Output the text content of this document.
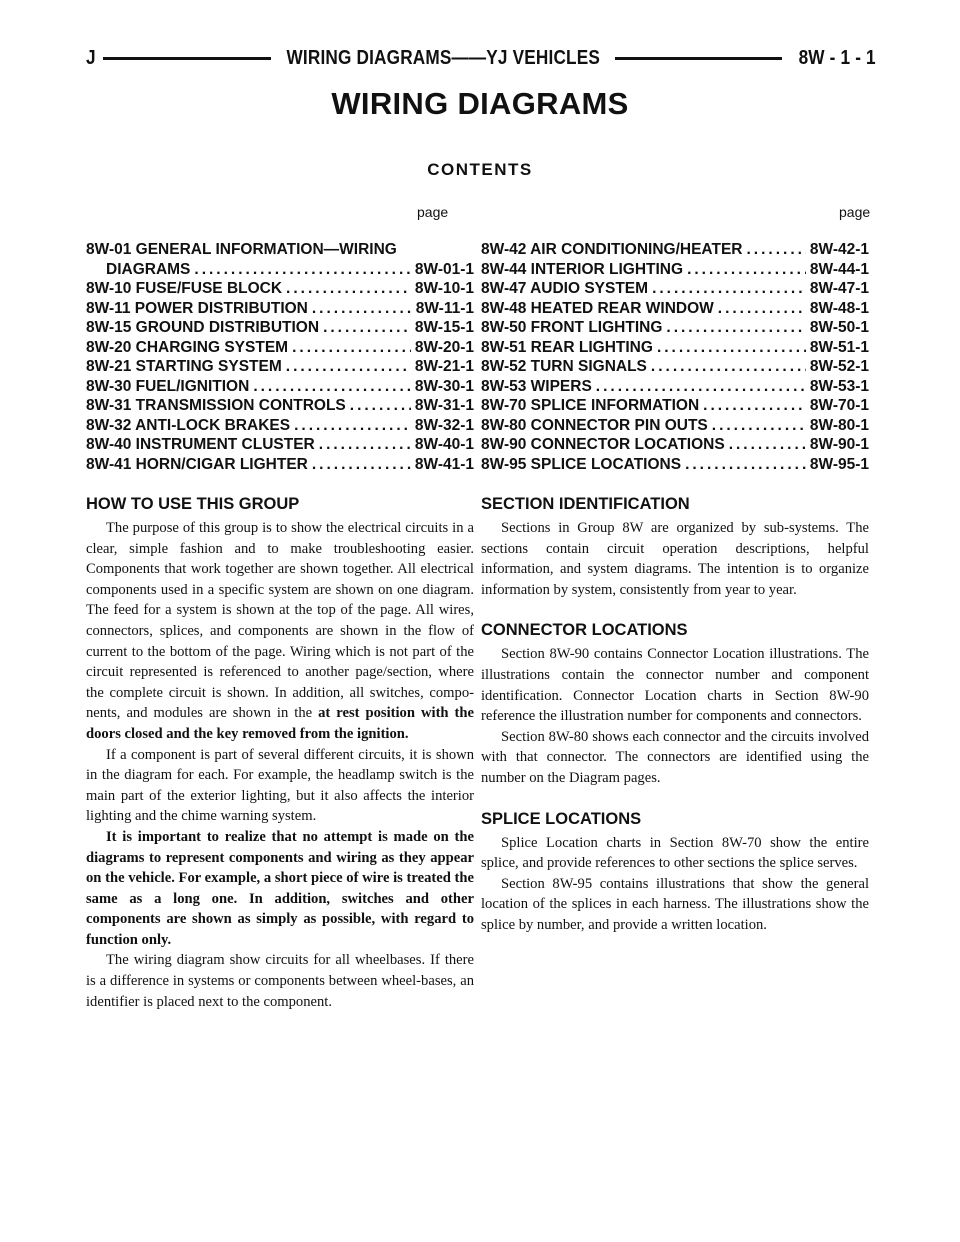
J	WIRING DIAGRAMS——YJ VEHICLES	8W - 1 - 1
WIRING DIAGRAMS
CONTENTS
page	page
8W-01 GENERAL INFORMATION—WIRING
DIAGRAMS .....	8W-01-1
8W-10 FUSE/FUSE BLOCK .....	8W-10-1
8W-11 POWER DISTRIBUTION .....	8W-11-1
8W-15 GROUND DISTRIBUTION .....	8W-15-1
8W-20 CHARGING SYSTEM .....	8W-20-1
8W-21 STARTING SYSTEM .....	8W-21-1
8W-30 FUEL/IGNITION .....	8W-30-1
8W-31 TRANSMISSION CONTROLS .....	8W-31-1
8W-32 ANTI-LOCK BRAKES .....	8W-32-1
8W-40 INSTRUMENT CLUSTER .....	8W-40-1
8W-41 HORN/CIGAR LIGHTER .....	8W-41-1
8W-42 AIR CONDITIONING/HEATER .....	8W-42-1
8W-44 INTERIOR LIGHTING .....	8W-44-1
8W-47 AUDIO SYSTEM .....	8W-47-1
8W-48 HEATED REAR WINDOW .....	8W-48-1
8W-50 FRONT LIGHTING .....	8W-50-1
8W-51 REAR LIGHTING .....	8W-51-1
8W-52 TURN SIGNALS .....	8W-52-1
8W-53 WIPERS .....	8W-53-1
8W-70 SPLICE INFORMATION .....	8W-70-1
8W-80 CONNECTOR PIN OUTS .....	8W-80-1
8W-90 CONNECTOR LOCATIONS .....	8W-90-1
8W-95 SPLICE LOCATIONS .....	8W-95-1
HOW TO USE THIS GROUP

The purpose of this group is to show the electrical circuits in a clear, simple fashion and to make troubleshooting easier. Components that work together are shown together. All electrical components used in a specific system are shown on one diagram. The feed for a system is shown at the top of the page. All wires, connectors, splices, and components are shown in the flow of current to the bottom of the page. Wiring which is not part of the circuit represented is referenced to another page/section, where the complete circuit is shown. In addition, all switches, components, and modules are shown in the at rest position with the doors closed and the key removed from the ignition.

If a component is part of several different circuits, it is shown in the diagram for each. For example, the headlamp switch is the main part of the exterior lighting, but it also affects the interior lighting and the chime warning system.

It is important to realize that no attempt is made on the diagrams to represent components and wiring as they appear on the vehicle. For example, a short piece of wire is treated the same as a long one. In addition, switches and other components are shown as simply as possible, with regard to function only.

The wiring diagram show circuits for all wheelbases. If there is a difference in systems or components between wheel-bases, an identifier is placed next to the component.

SECTION IDENTIFICATION

Sections in Group 8W are organized by sub-systems. The sections contain circuit operation descriptions, helpful information, and system diagrams. The intention is to organize information by system, consistently from year to year.

CONNECTOR LOCATIONS

Section 8W-90 contains Connector Location illustrations. The illustrations contain the connector number and component identification. Connector Location charts in Section 8W-90 reference the illustration number for components and connectors.

Section 8W-80 shows each connector and the circuits involved with that connector. The connectors are identified using the number on the Diagram pages.

SPLICE LOCATIONS

Splice Location charts in Section 8W-70 show the entire splice, and provide references to other sections the splice serves.

Section 8W-95 contains illustrations that show the general location of the splices in each harness. The illustrations show the splice by number, and provide a written location.
